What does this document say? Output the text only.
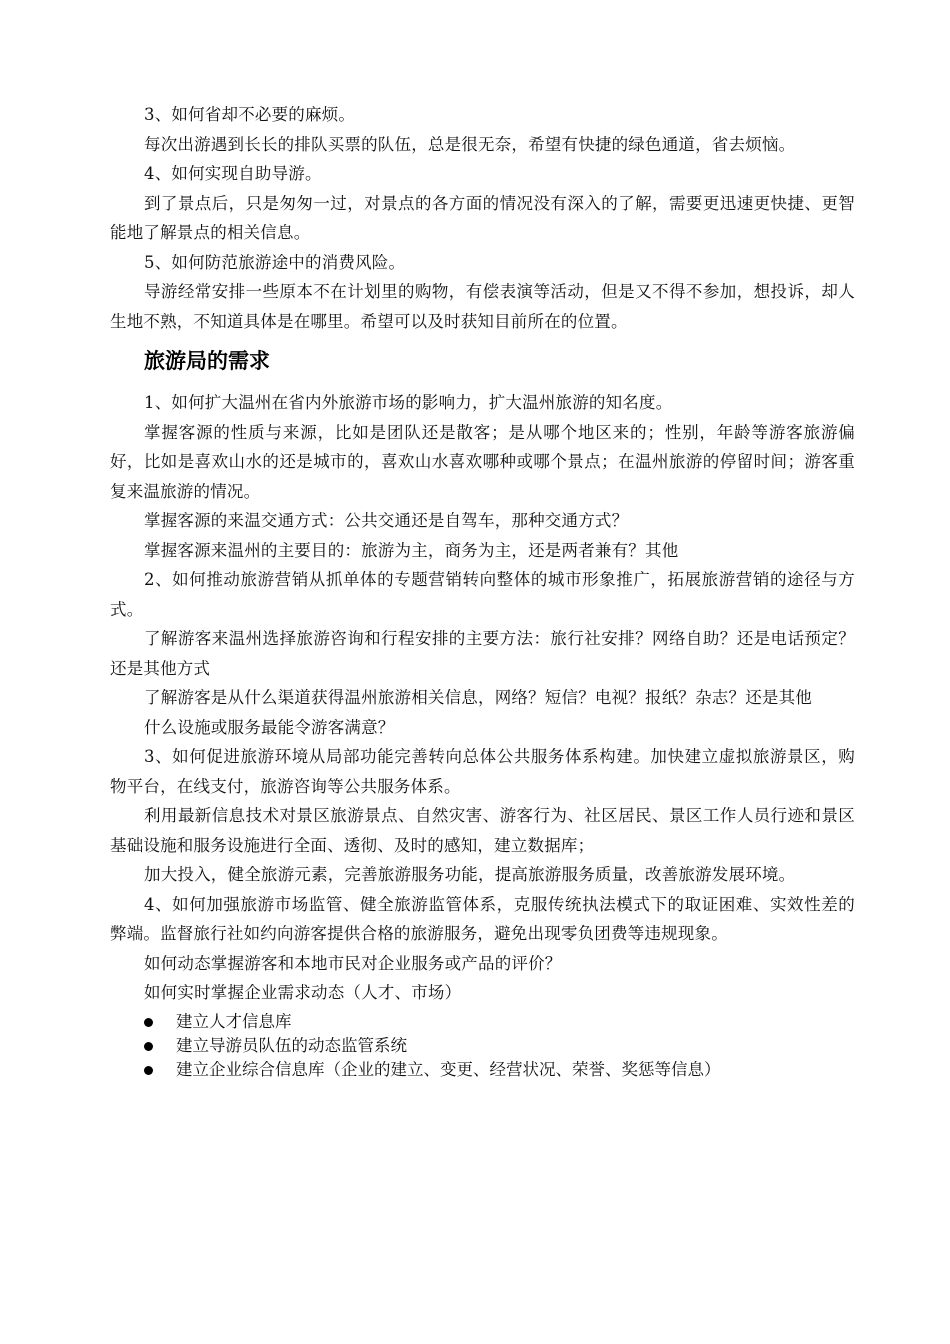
3、如何省却不必要的麻烦。

每次出游遇到长长的排队买票的队伍，总是很无奈，希望有快捷的绿色通道，省去烦恼。

4、如何实现自助导游。

到了景点后，只是匆匆一过，对景点的各方面的情况没有深入的了解，需要更迅速更快捷、更智能地了解景点的相关信息。

5、如何防范旅游途中的消费风险。

导游经常安排一些原本不在计划里的购物，有偿表演等活动，但是又不得不参加，想投诉，却人生地不熟，不知道具体是在哪里。希望可以及时获知目前所在的位置。

旅游局的需求

1、如何扩大温州在省内外旅游市场的影响力，扩大温州旅游的知名度。

掌握客源的性质与来源，比如是团队还是散客；是从哪个地区来的；性别，年龄等游客旅游偏好，比如是喜欢山水的还是城市的，喜欢山水喜欢哪种或哪个景点；在温州旅游的停留时间；游客重复来温旅游的情况。

掌握客源的来温交通方式：公共交通还是自驾车，那种交通方式？

掌握客源来温州的主要目的：旅游为主，商务为主，还是两者兼有？其他

2、如何推动旅游营销从抓单体的专题营销转向整体的城市形象推广，拓展旅游营销的途径与方式。

了解游客来温州选择旅游咨询和行程安排的主要方法：旅行社安排？网络自助？还是电话预定？还是其他方式

了解游客是从什么渠道获得温州旅游相关信息，网络？短信？电视？报纸？杂志？还是其他

什么设施或服务最能令游客满意？

3、如何促进旅游环境从局部功能完善转向总体公共服务体系构建。加快建立虚拟旅游景区，购物平台，在线支付，旅游咨询等公共服务体系。

利用最新信息技术对景区旅游景点、自然灾害、游客行为、社区居民、景区工作人员行迹和景区基础设施和服务设施进行全面、透彻、及时的感知，建立数据库；

加大投入，健全旅游元素，完善旅游服务功能，提高旅游服务质量，改善旅游发展环境。

4、如何加强旅游市场监管、健全旅游监管体系，克服传统执法模式下的取证困难、实效性差的弊端。监督旅行社如约向游客提供合格的旅游服务，避免出现零负团费等违规现象。

如何动态掌握游客和本地市民对企业服务或产品的评价？

如何实时掌握企业需求动态（人才、市场）

建立人才信息库
建立导游员队伍的动态监管系统
建立企业综合信息库（企业的建立、变更、经营状况、荣誉、奖惩等信息）
